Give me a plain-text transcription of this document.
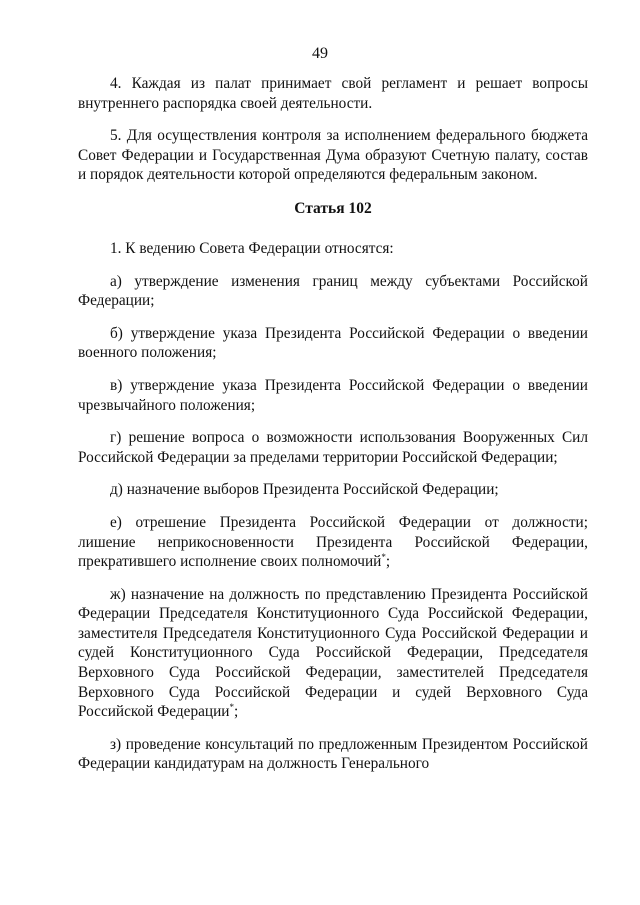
49

4. Каждая из палат принимает свой регламент и решает вопросы внутреннего распорядка своей деятельности.

5. Для осуществления контроля за исполнением федерального бюджета Совет Федерации и Государственная Дума образуют Счетную палату, состав и порядок деятельности которой определяются федеральным законом.

Статья 102

1. К ведению Совета Федерации относятся:

а) утверждение изменения границ между субъектами Российской Федерации;

б) утверждение указа Президента Российской Федерации о введении военного положения;

в) утверждение указа Президента Российской Федерации о введении чрезвычайного положения;

г) решение вопроса о возможности использования Вооруженных Сил Российской Федерации за пределами территории Российской Федерации;

д) назначение выборов Президента Российской Федерации;

е) отрешение Президента Российской Федерации от должности; лишение неприкосновенности Президента Российской Федерации, прекратившего исполнение своих полномочий*;

ж) назначение на должность по представлению Президента Российской Федерации Председателя Конституционного Суда Российской Федерации, заместителя Председателя Конституционного Суда Российской Федерации и судей Конституционного Суда Российской Федерации, Председателя Верховного Суда Российской Федерации, заместителей Председателя Верховного Суда Российской Федерации и судей Верховного Суда Российской Федерации*;

з) проведение консультаций по предложенным Президентом Российской Федерации кандидатурам на должность Генерального
